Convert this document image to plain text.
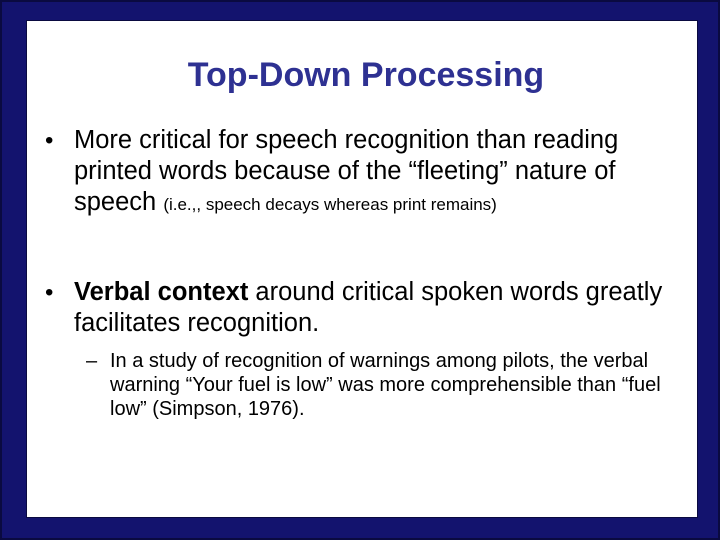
Top-Down Processing
• More critical for speech recognition than reading printed words because of the “fleeting” nature of speech (i.e.,, speech decays whereas print remains)
• Verbal context around critical spoken words greatly facilitates recognition.
– In a study of recognition of warnings among pilots, the verbal warning “Your fuel is low” was more comprehensible than “fuel low” (Simpson, 1976).
